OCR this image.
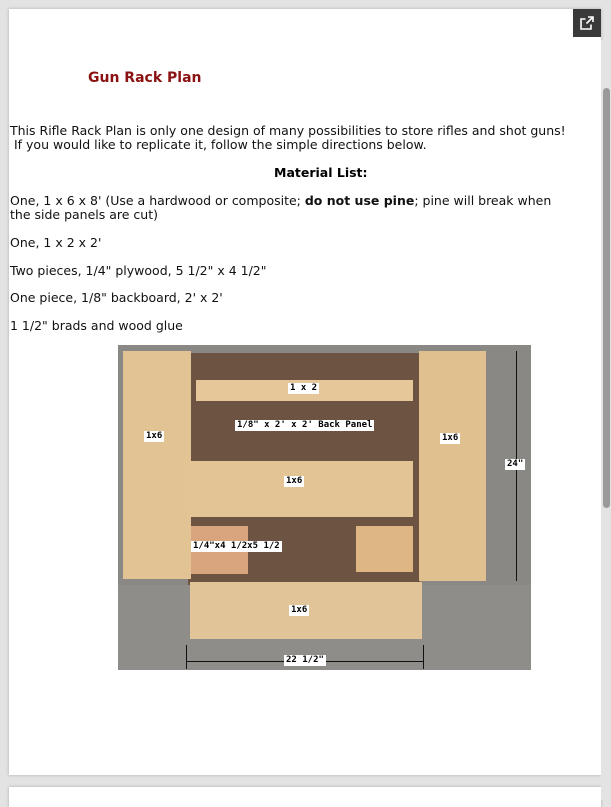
Gun Rack Plan
This Rifle Rack Plan is only one design of many possibilities to store rifles and shot guns!
If you would like to replicate it, follow the simple directions below.
Material List:
One, 1 x 6 x 8' (Use a hardwood or composite; do not use pine; pine will break when
the side panels are cut)
One, 1 x 2 x 2'
Two pieces, 1/4" plywood, 5 1/2" x 4 1/2"
One piece, 1/8" backboard, 2' x 2'
1 1/2" brads and wood glue
1 x 2
1/8" x 2' x 2' Back Panel
1x6	1x6
1x6
1/4"x4 1/2x5 1/2
1x6
24"
22 1/2"
